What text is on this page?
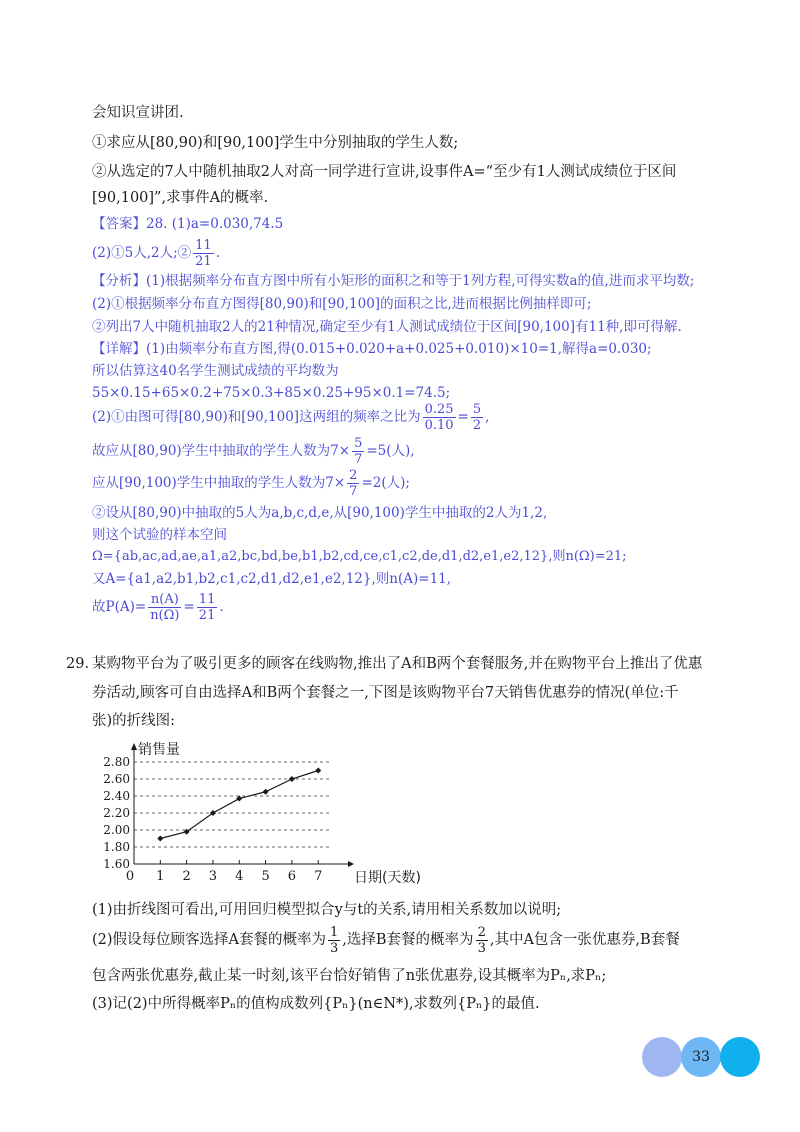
会知识宣讲团.
①求应从[80,90)和[90,100]学生中分别抽取的学生人数;
②从选定的7人中随机抽取2人对高一同学进行宣讲,设事件A=“至少有1人测试成绩位于区间
[90,100]”,求事件A的概率.
【答案】28. (1)a=0.030,74.5
(2)①5人,2人;② $\frac{11}{21}$ .
【分析】(1)根据频率分布直方图中所有小矩形的面积之和等于1列方程,可得实数a的值,进而求平均数;
(2)①根据频率分布直方图得[80,90)和[90,100]的面积之比,进而根据比例抽样即可;
②列出7人中随机抽取2人的21种情况,确定至少有1人测试成绩位于区间[90,100]有11种,即可得解.
【详解】(1)由频率分布直方图,得(0.015+0.020+a+0.025+0.010)×10=1,解得a=0.030;
所以估算这40名学生测试成绩的平均数为
55×0.15+65×0.2+75×0.3+85×0.25+95×0.1=74.5;
(2)①由图可得[80,90)和[90,100]这两组的频率之比为 $\frac{0.25}{0.10} = \frac{5}{2}$ ,
故应从[80,90)学生中抽取的学生人数为$7\times \frac{5}{7} =5$(人),
应从[90,100)学生中抽取的学生人数为$7\times \frac{2}{7} =2$(人);
②设从[80,90)中抽取的5人为a,b,c,d,e,从[90,100)学生中抽取的2人为1,2,
则这个试验的样本空间
Ω={ab,ac,ad,ae,a1,a2,bc,bd,be,b1,b2,cd,ce,c1,c2,de,d1,d2,e1,e2,12},则n(Ω)=21;
又A={a1,a2,b1,b2,c1,c2,d1,d2,e1,e2,12},则n(A)=11,
故$P(A)= \frac{n(A)}{n(\Omega)} = \frac{11}{21}$ .
29. 某购物平台为了吸引更多的顾客在线购物,推出了A和B两个套餐服务,并在购物平台上推出了优惠
券活动,顾客可自由选择A和B两个套餐之一,下图是该购物平台7天销售优惠券的情况(单位:千
张)的折线图:
1.60
1.80
2.00
2.20
2.40
2.60
2.80
0 1 2 3 4 5 6 7
销售量
日期(天数)
(1)由折线图可看出,可用回归模型拟合y与t的关系,请用相关系数加以说明;
(2)假设每位顾客选择A套餐的概率为 $\frac{1}{3}$ ,选择B套餐的概率为 $\frac{2}{3}$ ,其中A包含一张优惠券,B套餐
包含两张优惠券,截止某一时刻,该平台恰好销售了n张优惠券,设其概率为Pₙ,求Pₙ;
(3)记(2)中所得概率Pₙ的值构成数列{Pₙ}(n∈N*),求数列{Pₙ}的最值.
33
